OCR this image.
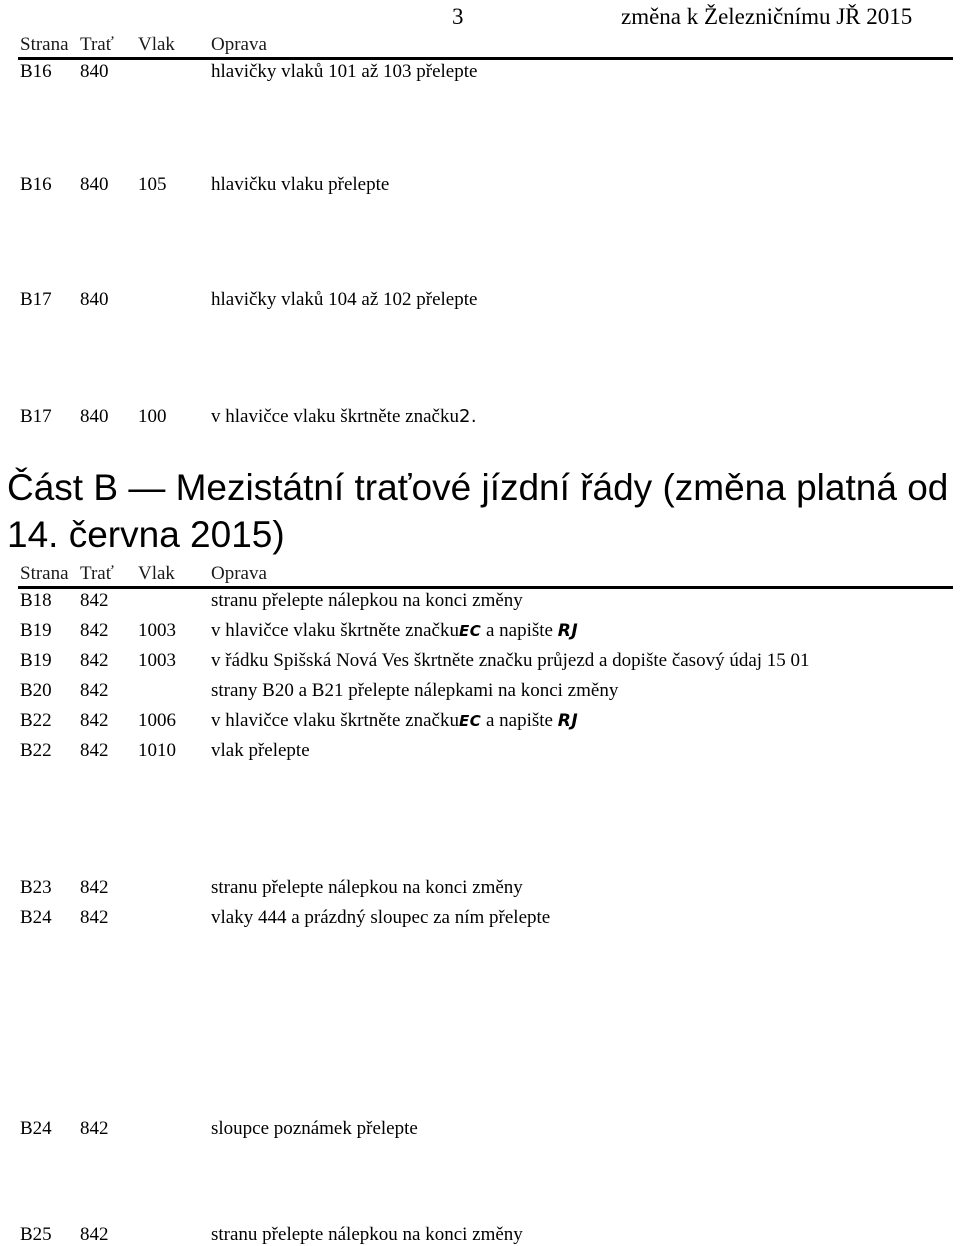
3	změna k Železničnímu JŘ 2015
Strana Trať Vlak Oprava
B16 840	hlavičky vlaků 101 až 103 přelepte
B16 840 105 hlavičku vlaku přelepte
B17 840	hlavičky vlaků 104 až 102 přelepte
B17 840 100 v hlavičce vlaku škrtněte značku2.
Část B — Mezistátní traťové jízdní řády (změna platná od 14. června 2015)
Strana Trať Vlak Oprava
B18 842	stranu přelepte nálepkou na konci změny
B19 842 1003 v hlavičce vlaku škrtněte značkuEC a napište RJ
B19 842 1003 v řádku Spišská Nová Ves škrtněte značku průjezd a dopište časový údaj 15 01
B20 842	strany B20 a B21 přelepte nálepkami na konci změny
B22 842 1006 v hlavičce vlaku škrtněte značkuEC a napište RJ
B22 842 1010 vlak přelepte
B23 842	stranu přelepte nálepkou na konci změny
B24 842	vlaky 444 a prázdný sloupec za ním přelepte
B24 842	sloupce poznámek přelepte
B25 842	stranu přelepte nálepkou na konci změny
